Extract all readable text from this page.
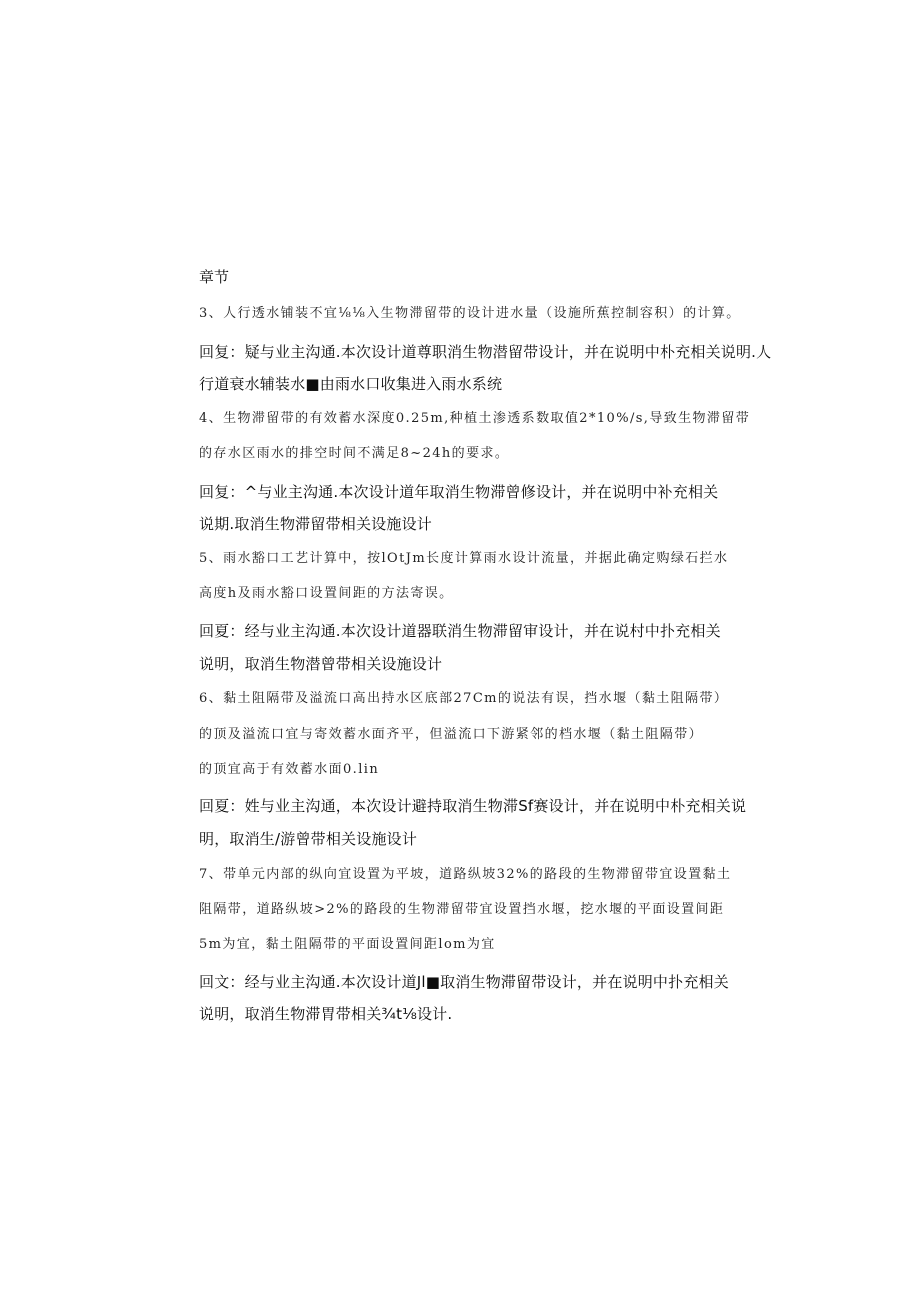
章节
3、人行透水铺装不宜⅛⅛入生物滞留带的设计进水量（设施所蕉控制容积）的计算。
回复：疑与业主沟通.本次设计道尊职消生物潜留带设计，并在说明中朴充相关说明.人
行道衰水辅装水■由雨水口收集进入雨水系统
4、生物滞留带的有效蓄水深度0.25m,种植土渗透系数取值2*10%/s,导致生物滞留带
的存水区雨水的排空时间不满足8~24h的要求。
回复：^与业主沟通.本次设计道年取消生物滞曾修设计，并在说明中补充相关
说期.取消生物滞留带相关设施设计
5、雨水豁口工艺计算中，按lOtJm长度计算雨水设计流量，并据此确定购绿石拦水
高度h及雨水豁口设置间距的方法寄误。
回夏：经与业主沟通.本次设计道器联消生物滞留审设计，并在说村中扑充相关
说明，取消生物潜曾带相关设施设计
6、黏土阻隔带及溢流口高出持水区底部27Cm的说法有误，挡水堰（黏土阻隔带）
的顶及溢流口宜与寄效蓄水面齐平，但溢流口下游紧邻的档水堰（黏土阻隔带）
的顶宜高于有效蓄水面0.lin
回夏：姓与业主沟通，本次设计避持取消生物滞Sf赛设计，并在说明中朴充相关说
明，取消生/游曾带相关设施设计
7、带单元内部的纵向宜设置为平坡，道路纵坡32%的路段的生物滞留带宜设置黏土
阻隔带，道路纵坡>2%的路段的生物滞留带宜设置挡水堰，挖水堰的平面设置间距
5m为宜，黏土阻隔带的平面设置间距lom为宜
回文：经与业主沟通.本次设计道Jl■取消生物滞留带设计，并在说明中扑充相关
说明，取消生物滞胃带相关¾t⅛设计.
